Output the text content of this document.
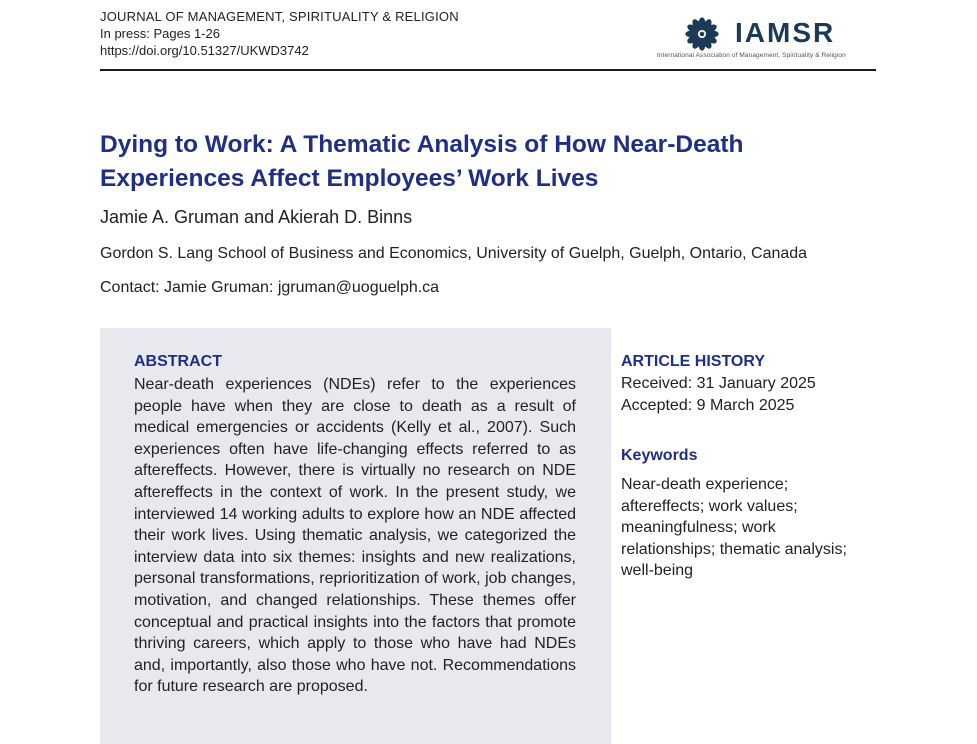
JOURNAL OF MANAGEMENT, SPIRITUALITY & RELIGION
In press: Pages 1-26
https://doi.org/10.51327/UKWD3742
IAMSR
International Association of Management, Spirituality & Religion
Dying to Work: A Thematic Analysis of How Near-Death Experiences Affect Employees’ Work Lives
Jamie A. Gruman and Akierah D. Binns
Gordon S. Lang School of Business and Economics, University of Guelph, Guelph, Ontario, Canada
Contact: Jamie Gruman: jgruman@uoguelph.ca
ABSTRACT
Near-death experiences (NDEs) refer to the experiences people have when they are close to death as a result of medical emergencies or accidents (Kelly et al., 2007). Such experiences often have life-changing effects referred to as aftereffects. However, there is virtually no research on NDE aftereffects in the context of work. In the present study, we interviewed 14 working adults to explore how an NDE affected their work lives. Using thematic analysis, we categorized the interview data into six themes: insights and new realizations, personal transformations, reprioritization of work, job changes, motivation, and changed relationships. These themes offer conceptual and practical insights into the factors that promote thriving careers, which apply to those who have had NDEs and, importantly, also those who have not. Recommendations for future research are proposed.
ARTICLE HISTORY
Received: 31 January 2025
Accepted: 9 March 2025
Keywords
Near-death experience; aftereffects; work values; meaningfulness; work relationships; thematic analysis; well-being
